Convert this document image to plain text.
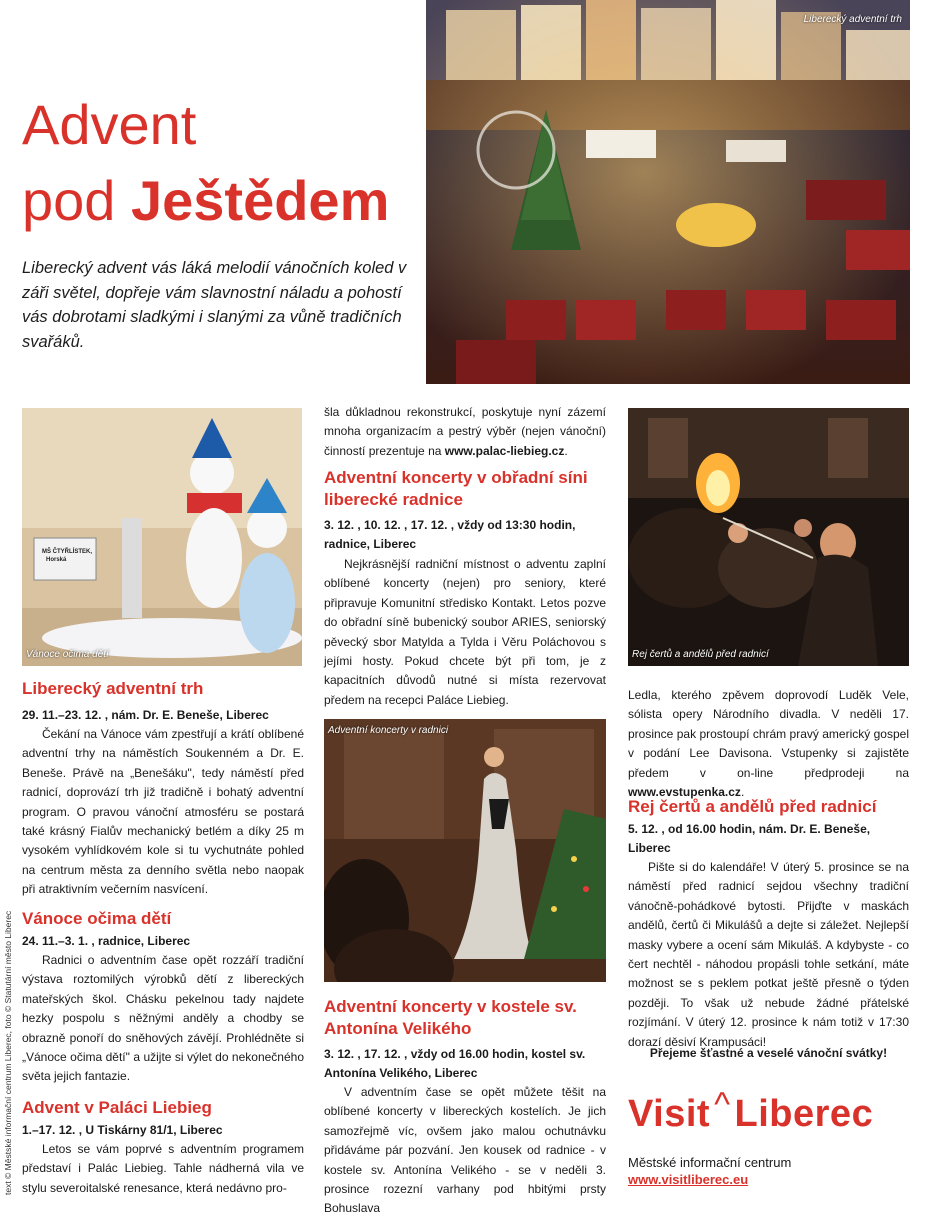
Advent
pod Ještědem
Liberecký advent vás láká melodií vánočních koled v záři světel, dopřeje vám slavnostní náladu a pohostí vás dobrotami sladkými i slanými za vůně tradičních svařáků.
Liberecký adventní trh
MŠ ČTYŘLÍSTEK,
Horská
Vánoce očima dětí
Liberecký adventní trh
29. 11.–23. 12. , nám. Dr. E. Beneše, Liberec

Čekání na Vánoce vám zpestřují a krátí oblíbené adventní trhy na náměstích Soukenném a Dr. E. Beneše. Právě na „Benešáku", tedy náměstí před radnicí, doprovází trh již tradičně i bohatý adventní program. O pravou vánoční atmosféru se postará také krásný Fialův mechanický betlém a díky 25 m vysokém vyhlídkovém kole si tu vychutnáte pohled na centrum města za denního světla nebo naopak při atraktivním večerním nasvícení.

Vánoce očima dětí
24. 11.–3. 1. , radnice, Liberec

Radnici o adventním čase opět rozzáří tradiční výstava roztomilých výrobků dětí z libereckých mateřských škol. Chásku pekelnou tady najdete hezky pospolu s něžnými anděly a chodby se obrazně ponoří do sněhových závějí. Prohlédněte si „Vánoce očima dětí" a užijte si výlet do nekonečného světa jejich fantazie.

Advent v Paláci Liebieg
1.–17. 12. , U Tiskárny 81/1, Liberec

Letos se vám poprvé s adventním programem představí i Palác Liebieg. Tahle nádherná vila ve stylu severoitalské renesance, která nedávno pro-

text © Městské informační centrum Liberec, foto © Statutární město Liberec

šla důkladnou rekonstrukcí, poskytuje nyní zázemí mnoha organizacím a pestrý výběr (nejen vánoční) činností prezentuje na www.palac-liebieg.cz.

Adventní koncerty v obřadní síni liberecké radnice
3. 12. , 10. 12. , 17. 12. , vždy od 13:30 hodin, radnice, Liberec

Nejkrásnější radniční místnost o adventu zaplní oblíbené koncerty (nejen) pro seniory, které připravuje Komunitní středisko Kontakt. Letos pozve do obřadní síně bubenický soubor ARIES, seniorský pěvecký sbor Matylda a Tylda i Věru Poláchovou s jejími hosty. Pokud chcete být při tom, je z kapacitních důvodů nutné si místa rezervovat předem na recepci Paláce Liebieg.

Adventní koncerty v radnici
Adventní koncerty v kostele sv. Antonína Velikého
3. 12. , 17. 12. , vždy od 16.00 hodin, kostel sv. Antonína Velikého, Liberec

V adventním čase se opět můžete těšit na oblíbené koncerty v libereckých kostelích. Je jich samozřejmě víc, ovšem jako malou ochutnávku přidáváme pár pozvání. Jen kousek od radnice - v kostele sv. Antonína Velikého - se v neděli 3. prosince rozezní varhany pod hbitými prsty Bohuslava

Rej čertů a andělů před radnicí

Ledla, kterého zpěvem doprovodí Luděk Vele, sólista opery Národního divadla. V neděli 17. prosince pak prostoupí chrám pravý americký gospel v podání Lee Davisona. Vstupenky si zajistěte předem v on-line předprodeji na www.evstupenka.cz.

Rej čertů a andělů před radnicí
5. 12. , od 16.00 hodin, nám. Dr. E. Beneše, Liberec

Pište si do kalendáře! V úterý 5. prosince se na náměstí před radnicí sejdou všechny tradiční vánočně-pohádkové bytosti. Přijďte v maskách andělů, čertů či Mikulášů a dejte si záležet. Nejlepší masky vybere a ocení sám Mikuláš. A kdybyste - co čert nechtěl - náhodou propásli tohle setkání, máte možnost se s peklem potkat ještě přesně o týden později. To však už nebude žádné přátelské rozjímání. V úterý 12. prosince k nám totiž v 17:30 dorazí děsiví Krampusáci!

Přejeme šťastné a veselé vánoční svátky!
Visit ^ Liberec
Městské informační centrum
www.visitliberec.eu
